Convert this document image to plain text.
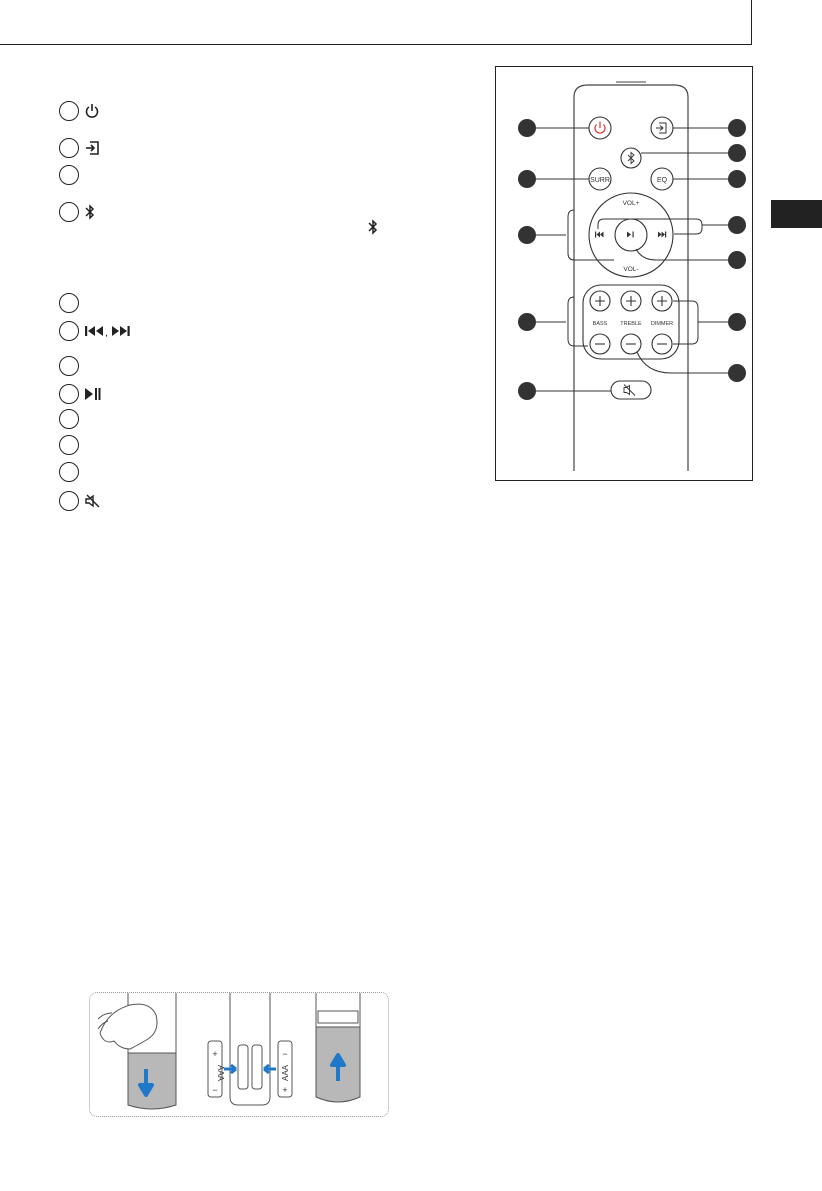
,
SURR	EQ
VOL+
VOL-
BASS TREBLE DIMMER
+
−
AAA
−
+
AAA
